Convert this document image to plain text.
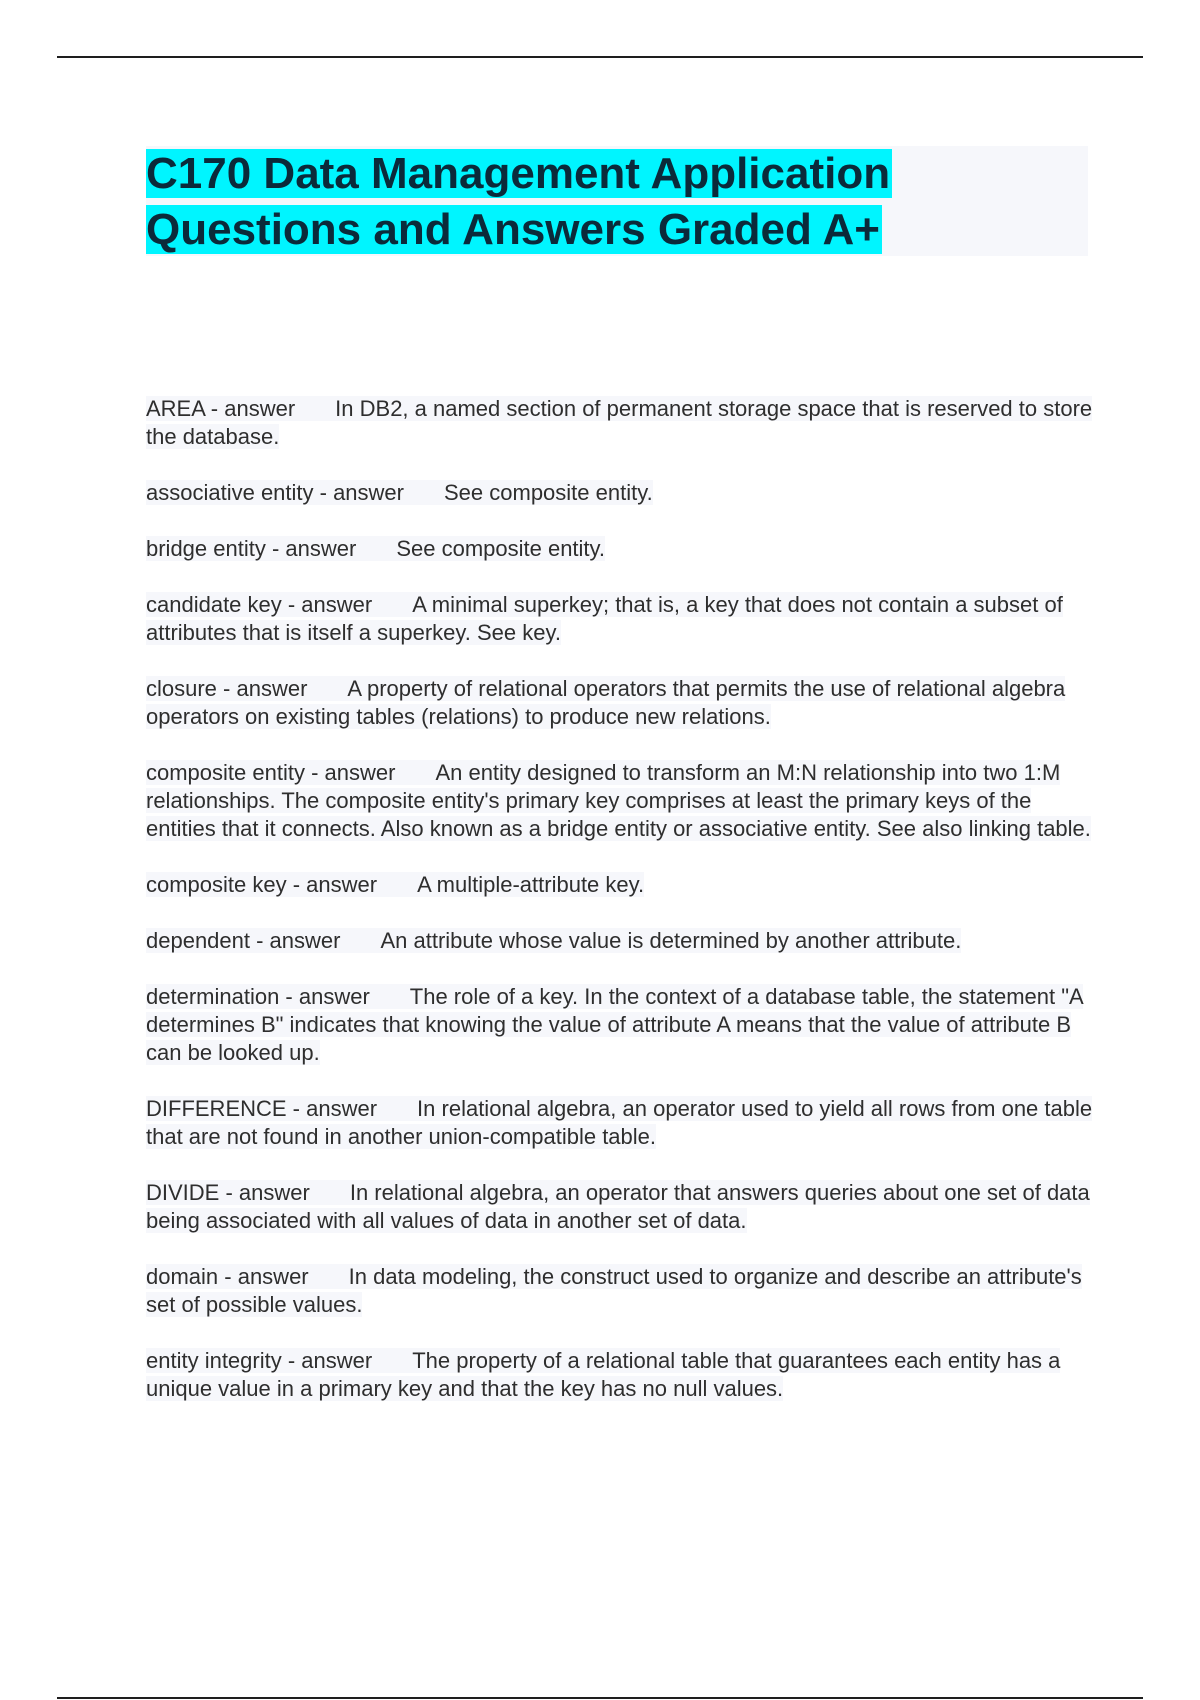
C170 Data Management Application
Questions and Answers Graded A+

AREA - answer In DB2, a named section of permanent storage space that is reserved to store the database.

associative entity - answer See composite entity.

bridge entity - answer See composite entity.

candidate key - answer A minimal superkey; that is, a key that does not contain a subset of attributes that is itself a superkey. See key.

closure - answer A property of relational operators that permits the use of relational algebra operators on existing tables (relations) to produce new relations.

composite entity - answer An entity designed to transform an M:N relationship into two 1:M relationships. The composite entity's primary key comprises at least the primary keys of the entities that it connects. Also known as a bridge entity or associative entity. See also linking table.

composite key - answer A multiple-attribute key.

dependent - answer An attribute whose value is determined by another attribute.

determination - answer The role of a key. In the context of a database table, the statement "A determines B" indicates that knowing the value of attribute A means that the value of attribute B can be looked up.

DIFFERENCE - answer In relational algebra, an operator used to yield all rows from one table that are not found in another union-compatible table.

DIVIDE - answer In relational algebra, an operator that answers queries about one set of data being associated with all values of data in another set of data.

domain - answer In data modeling, the construct used to organize and describe an attribute's set of possible values.

entity integrity - answer The property of a relational table that guarantees each entity has a unique value in a primary key and that the key has no null values.
